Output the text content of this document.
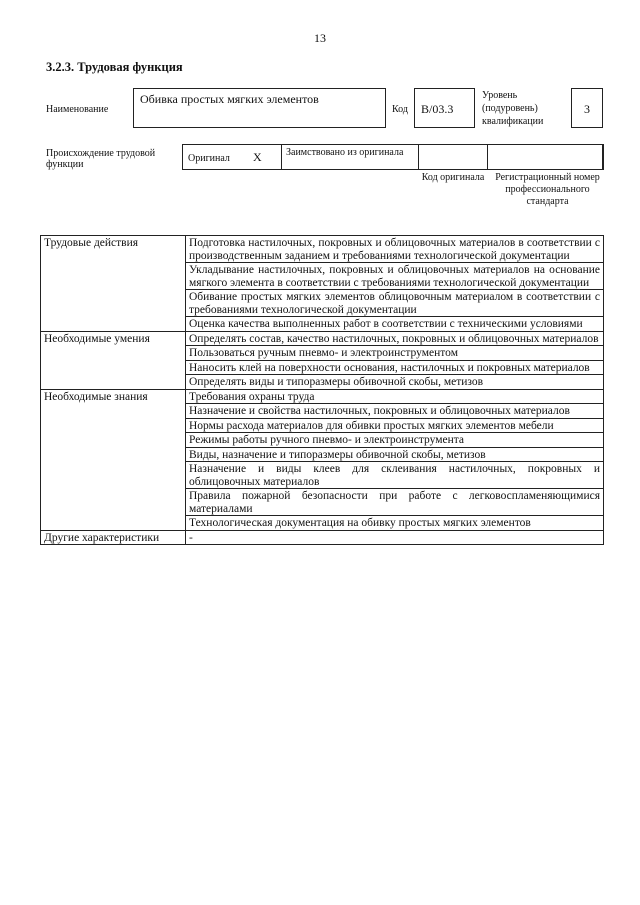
13
3.2.3. Трудовая функция
Наименование
Обивка простых мягких элементов
Код	В/03.3
Уровень
(подуровень)
квалификации
3
Происхождение трудовой функции
Оригинал X Заимствовано из оригинала
Код оригинала	Регистрационный номер профессионального стандарта
Трудовые действия	Подготовка настилочных, покровных и облицовочных материалов в соответствии с производственным заданием и требованиями технологической документации
	Укладывание настилочных, покровных и облицовочных материалов на основание мягкого элемента в соответствии с требованиями технологической документации
	Обивание простых мягких элементов облицовочным материалом в соответствии с требованиями технологической документации
	Оценка качества выполненных работ в соответствии с техническими условиями
Необходимые умения	Определять состав, качество настилочных, покровных и облицовочных материалов
	Пользоваться ручным пневмо- и электроинструментом
	Наносить клей на поверхности основания, настилочных и покровных материалов
	Определять виды и типоразмеры обивочной скобы, метизов
Необходимые знания	Требования охраны труда
	Назначение и свойства настилочных, покровных и облицовочных материалов
	Нормы расхода материалов для обивки простых мягких элементов мебели
	Режимы работы ручного пневмо- и электроинструмента
	Виды, назначение и типоразмеры обивочной скобы, метизов
	Назначение и виды клеев для склеивания настилочных, покровных и облицовочных материалов
	Правила пожарной безопасности при работе с легковоспламеняющимися материалами
	Технологическая документация на обивку простых мягких элементов
Другие характеристики	-
